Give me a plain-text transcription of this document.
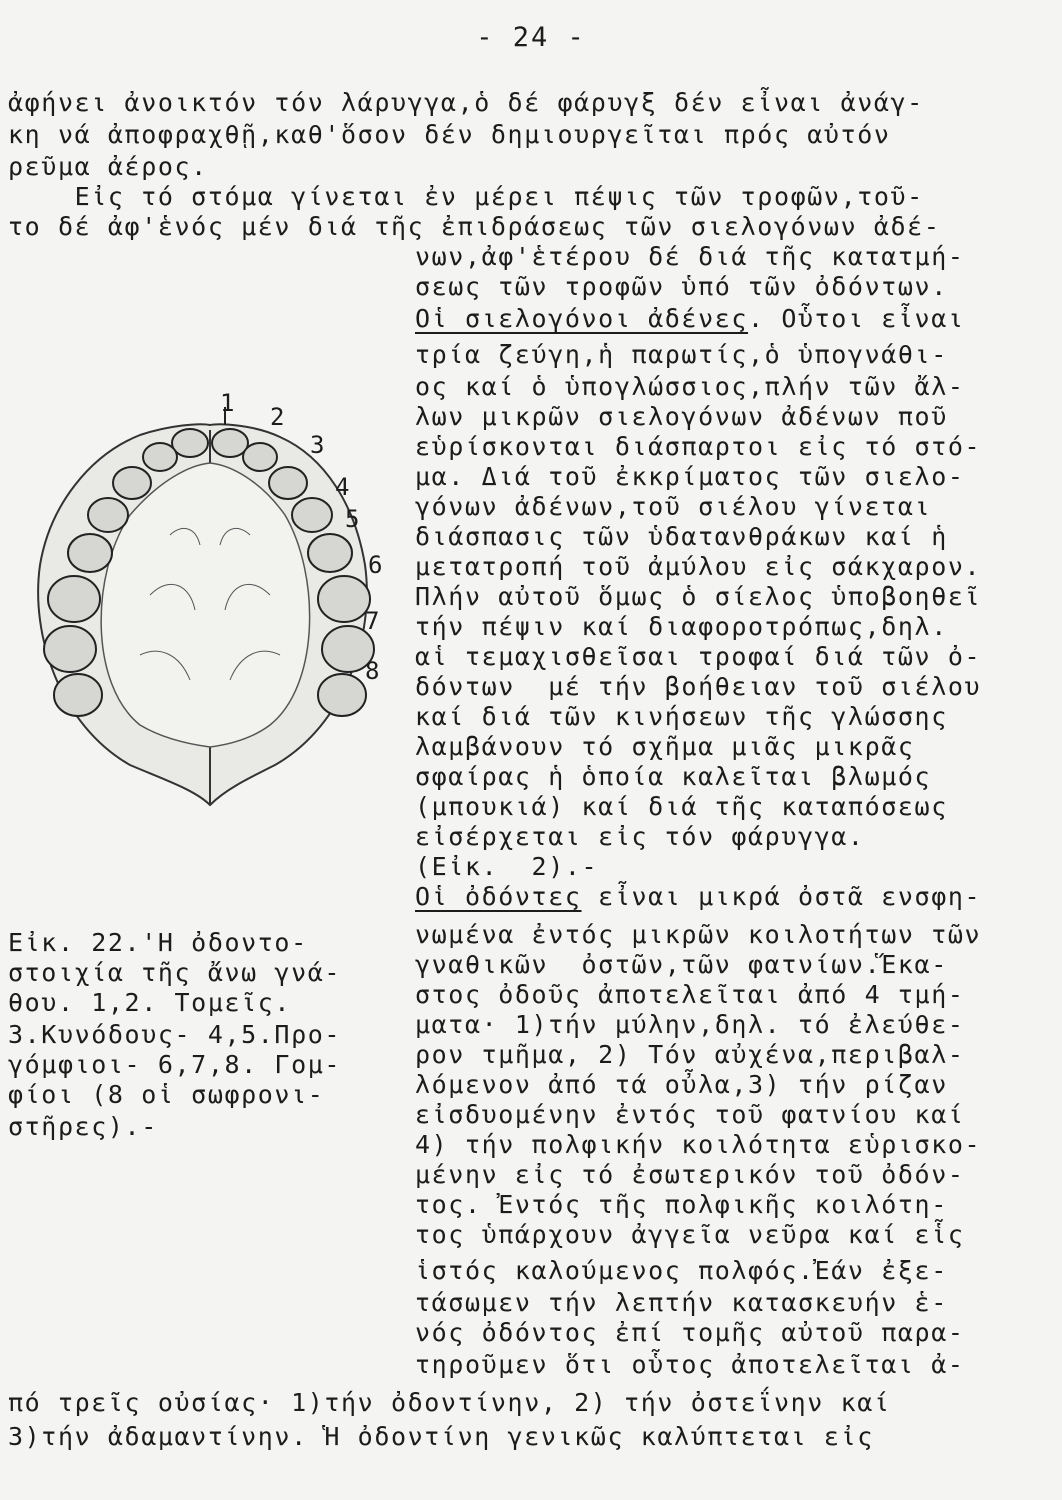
- 24 -
ἀφήνει ἀνοικτόν τόν λάρυγγα,ὁ δέ φάρυγξ δέν εἶναι ἀνάγ-
κη νά ἀποφραχθῇ,καθ'ὅσον δέν δημιουργεῖται πρός αὐτόν
ρεῦμα ἀέρος.
Εἰς τό στόμα γίνεται ἐν μέρει πέψις τῶν τροφῶν,τοῦ-
το δέ ἀφ'ἑνός μέν διά τῆς ἐπιδράσεως τῶν σιελογόνων ἀδέ-
νων,ἀφ'ἑτέρου δέ διά τῆς κατατμή-
σεως τῶν τροφῶν ὑπό τῶν ὀδόντων.
Οἱ σιελογόνοι ἀδένες. Οὗτοι εἶναι
τρία ζεύγη,ἡ παρωτίς,ὁ ὑπογνάθι-
ος καί ὁ ὑπογλώσσιος,πλήν τῶν ἄλ-
λων μικρῶν σιελογόνων ἀδένων ποῦ
εὑρίσκονται διάσπαρτοι εἰς τό στό-
μα. Διά τοῦ ἐκκρίματος τῶν σιελο-
γόνων ἀδένων,τοῦ σιέλου γίνεται
διάσπασις τῶν ὑδατανθράκων καί ἡ
μετατροπή τοῦ ἀμύλου εἰς σάκχαρον.
Πλήν αὐτοῦ ὅμως ὁ σίελος ὑποβοηθεῖ
τήν πέψιν καί διαφοροτρόπως,δηλ.
αἱ τεμαχισθεῖσαι τροφαί διά τῶν ὀ-
δόντων  μέ τήν βοήθειαν τοῦ σιέλου
καί διά τῶν κινήσεων τῆς γλώσσης
λαμβάνουν τό σχῆμα μιᾶς μικρᾶς
σφαίρας ἡ ὁποία καλεῖται βλωμός
(μπουκιά) καί διά τῆς καταπόσεως
εἰσέρχεται εἰς τόν φάρυγγα.
(Εἰκ.  2).-
Οἱ ὀδόντες εἶναι μικρά ὀστᾶ ενσφη-
νωμένα ἐντός μικρῶν κοιλοτήτων τῶν
γναθικῶν  ὀστῶν,τῶν φατνίων.Ἕκα-
στος ὀδοῦς ἀποτελεῖται ἀπό 4 τμή-
ματα· 1)τήν μύλην,δηλ. τό ἐλεύθε-
ρον τμῆμα, 2) Τόν αὐχένα,περιβαλ-
λόμενον ἀπό τά οὖλα,3) τήν ρίζαν
εἰσδυομένην ἐντός τοῦ φατνίου καί
4) τήν πολφικήν κοιλότητα εὑρισκο-
μένην εἰς τό ἐσωτερικόν τοῦ ὀδόν-
τος. Ἐντός τῆς πολφικῆς κοιλότη-
τος ὑπάρχουν ἀγγεῖα νεῦρα καί εἷς
ἱστός καλούμενος πολφός.Ἐάν ἐξε-
τάσωμεν τήν λεπτήν κατασκευήν ἑ-
νός ὀδόντος ἐπί τομῆς αὐτοῦ παρα-
τηροῦμεν ὅτι οὗτος ἀποτελεῖται ἀ-
πό τρεῖς οὐσίας· 1)τήν ὀδοντίνην, 2) τήν ὀστεΐνην καί
3)τήν ἀδαμαντίνην. Ἡ ὀδοντίνη γενικῶς καλύπτεται εἰς
Εἰκ. 22.'Η ὀδοντο-
στοιχία τῆς ἄνω γνά-
θου. 1,2. Τομεῖς.
3.Κυνόδους- 4,5.Προ-
γόμφιοι- 6,7,8. Γομ-
φίοι (8 οἱ σωφρονι-
στῆρες).-
1 2
3
4
5
6
7
8
